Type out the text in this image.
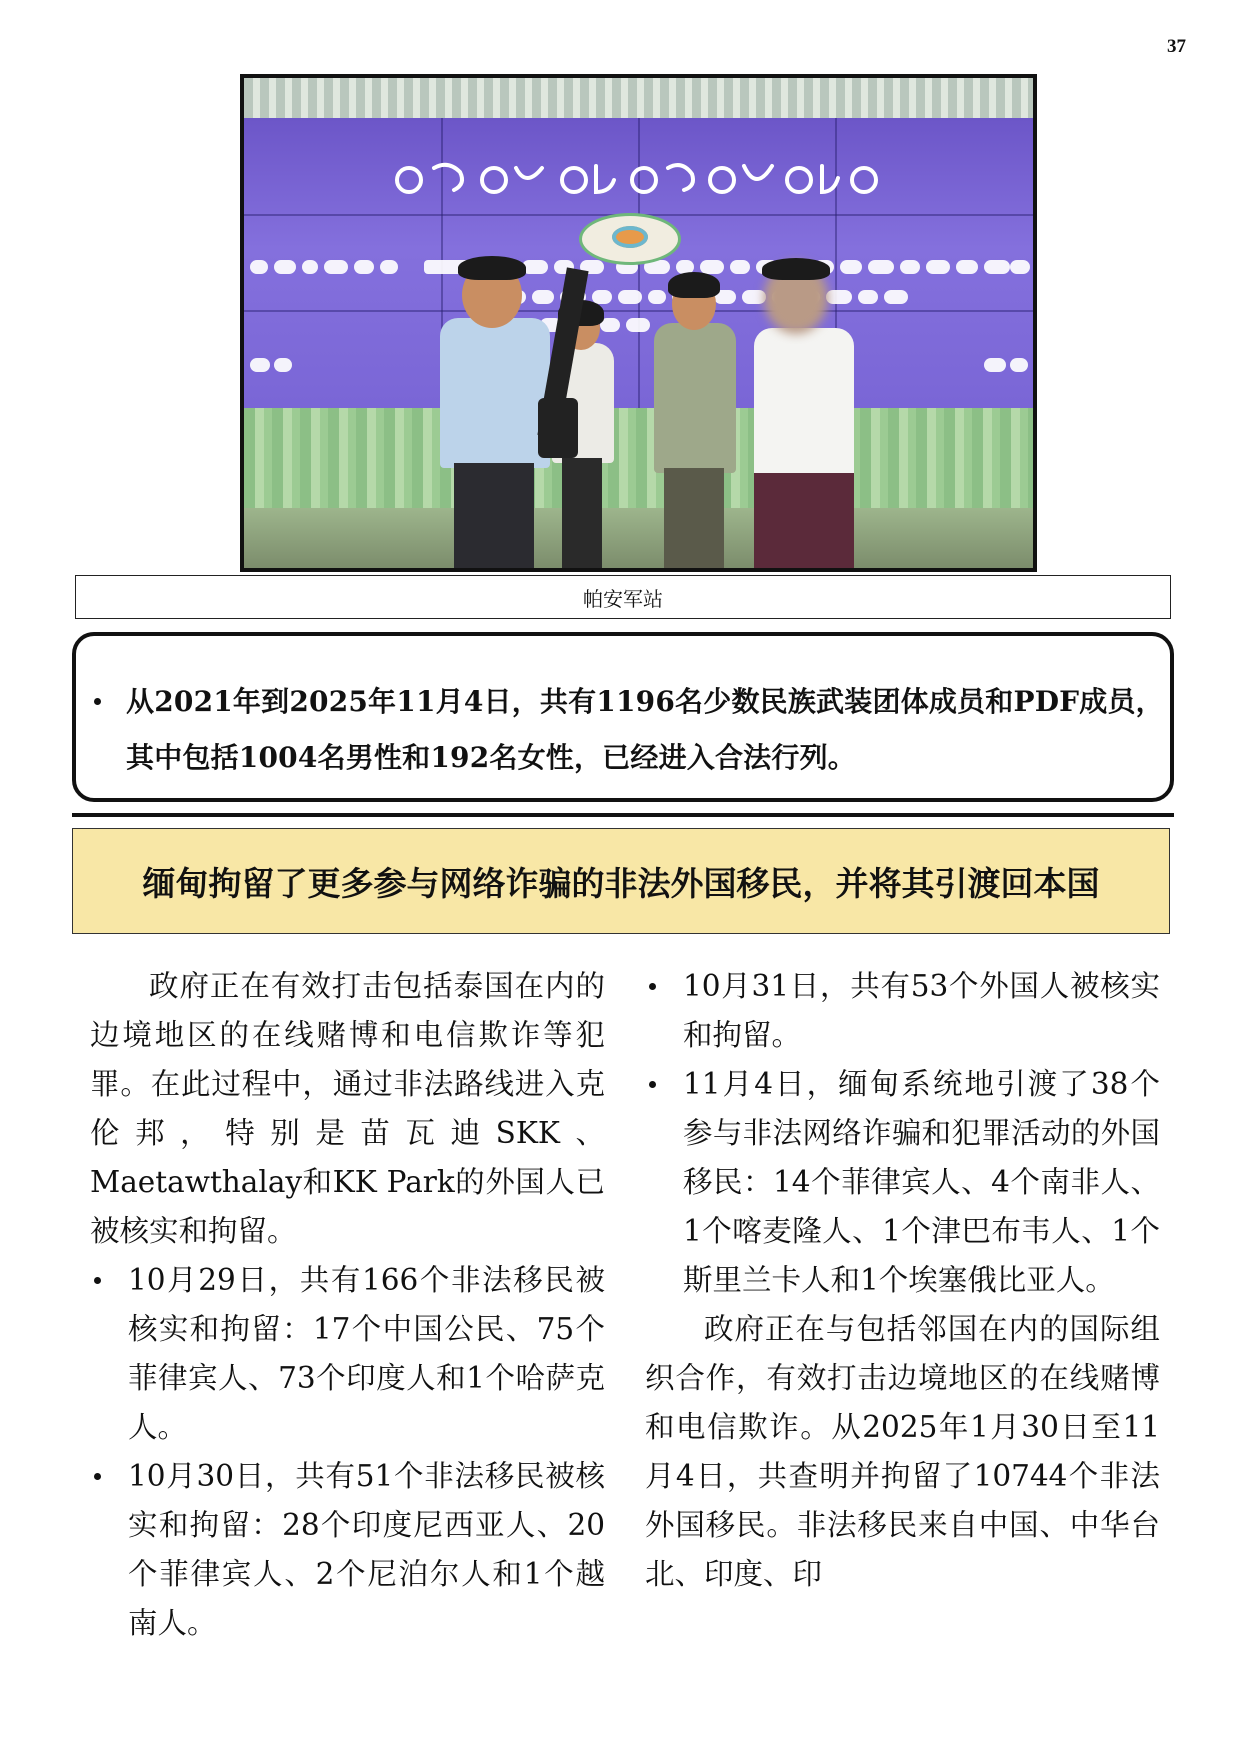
37
帕安军站
从2021年到2025年11月4日，共有1196名少数民族武装团体成员和PDF成员，其中包括1004名男性和192名女性，已经进入合法行列。
缅甸拘留了更多参与网络诈骗的非法外国移民，并将其引渡回本国

政府正在有效打击包括泰国在内的边境地区的在线赌博和电信欺诈等犯罪。在此过程中，通过非法路线进入克伦邦，特别是苗瓦迪SKK、Maetawthalay和KK Park的外国人已被核实和拘留。

10月29日，共有166个非法移民被核实和拘留：17个中国公民、75个菲律宾人、73个印度人和1个哈萨克人。
10月30日，共有51个非法移民被核实和拘留：28个印度尼西亚人、20个菲律宾人、2个尼泊尔人和1个越南人。
10月31日，共有53个外国人被核实和拘留。
11月4日，缅甸系统地引渡了38个参与非法网络诈骗和犯罪活动的外国移民：14个菲律宾人、4个南非人、1个喀麦隆人、1个津巴布韦人、1个斯里兰卡人和1个埃塞俄比亚人。

政府正在与包括邻国在内的国际组织合作，有效打击边境地区的在线赌博和电信欺诈。从2025年1月30日至11月4日，共查明并拘留了10744个非法外国移民。非法移民来自中国、中华台北、印度、印
